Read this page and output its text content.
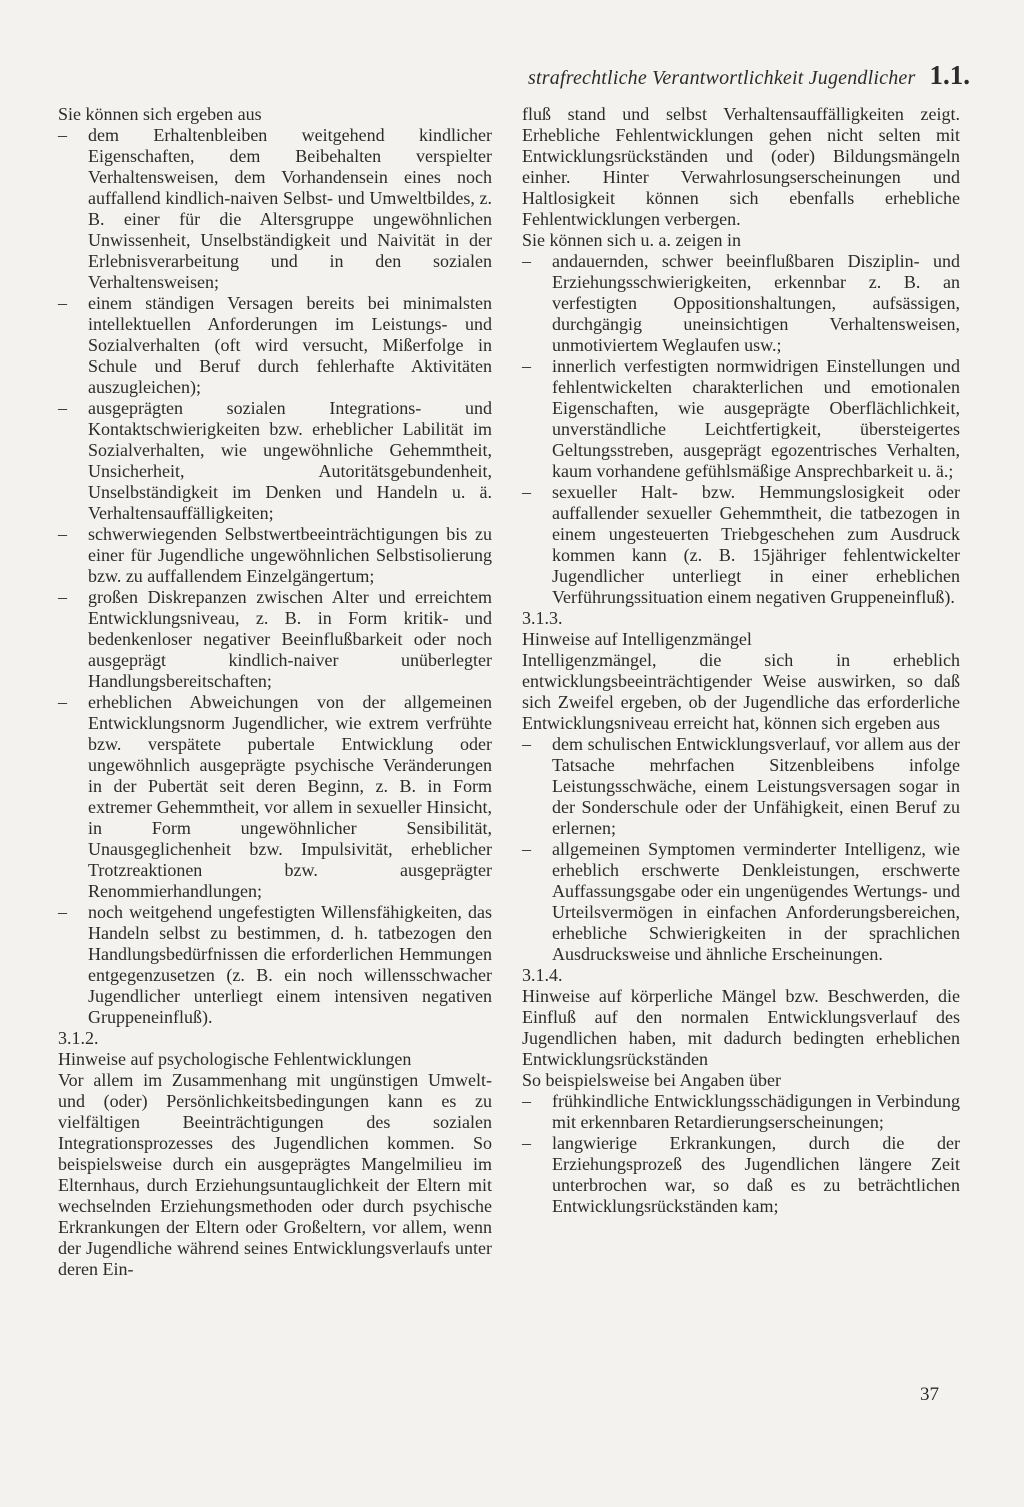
strafrechtliche Verantwortlichkeit Jugendlicher 1.1.

Sie können sich ergeben aus

–	dem Erhaltenbleiben weitgehend kindlicher Eigenschaften, dem Beibehalten verspielter Verhaltensweisen, dem Vorhandensein eines noch auffallend kindlich-naiven Selbst- und Umweltbildes, z. B. einer für die Altersgruppe ungewöhnlichen Unwissenheit, Unselbständigkeit und Naivität in der Erlebnisverarbeitung und in den sozialen Verhaltensweisen;
–	einem ständigen Versagen bereits bei minimalsten intellektuellen Anforderungen im Leistungs- und Sozialverhalten (oft wird versucht, Mißerfolge in Schule und Beruf durch fehlerhafte Aktivitäten auszugleichen);
–	ausgeprägten sozialen Integrations- und Kontaktschwierigkeiten bzw. erheblicher Labilität im Sozialverhalten, wie ungewöhnliche Gehemmtheit, Unsicherheit, Autoritätsgebundenheit, Unselbständigkeit im Denken und Handeln u. ä. Verhaltensauffälligkeiten;
–	schwerwiegenden Selbstwertbeeinträchtigungen bis zu einer für Jugendliche ungewöhnlichen Selbstisolierung bzw. zu auffallendem Einzelgängertum;
–	großen Diskrepanzen zwischen Alter und erreichtem Entwicklungsniveau, z. B. in Form kritik- und bedenkenloser negativer Beeinflußbarkeit oder noch ausgeprägt kindlich-naiver unüberlegter Handlungsbereitschaften;
–	erheblichen Abweichungen von der allgemeinen Entwicklungsnorm Jugendlicher, wie extrem verfrühte bzw. verspätete pubertale Entwicklung oder ungewöhnlich ausgeprägte psychische Veränderungen in der Pubertät seit deren Beginn, z. B. in Form extremer Gehemmtheit, vor allem in sexueller Hinsicht, in Form ungewöhnlicher Sensibilität, Unausgeglichenheit bzw. Impulsivität, erheblicher Trotzreaktionen bzw. ausgeprägter Renommierhandlungen;
–	noch weitgehend ungefestigten Willensfähigkeiten, das Handeln selbst zu bestimmen, d. h. tatbezogen den Handlungsbedürfnissen die erforderlichen Hemmungen entgegenzusetzen (z. B. ein noch willensschwacher Jugendlicher unterliegt einem intensiven negativen Gruppeneinfluß).

3.1.2.

Hinweise auf psychologische Fehlentwicklungen

Vor allem im Zusammenhang mit ungünstigen Umwelt- und (oder) Persönlichkeitsbedingungen kann es zu vielfältigen Beeinträchtigungen des sozialen Integrationsprozesses des Jugendlichen kommen. So beispielsweise durch ein ausgeprägtes Mangelmilieu im Elternhaus, durch Erziehungsuntauglichkeit der Eltern mit wechselnden Erziehungsmethoden oder durch psychische Erkrankungen der Eltern oder Großeltern, vor allem, wenn der Jugendliche während seines Entwicklungsverlaufs unter deren Ein-

fluß stand und selbst Verhaltensauffälligkeiten zeigt. Erhebliche Fehlentwicklungen gehen nicht selten mit Entwicklungsrückständen und (oder) Bildungsmängeln einher. Hinter Verwahrlosungserscheinungen und Haltlosigkeit können sich ebenfalls erhebliche Fehlentwicklungen verbergen.

Sie können sich u. a. zeigen in

–	andauernden, schwer beeinflußbaren Disziplin- und Erziehungsschwierigkeiten, erkennbar z. B. an verfestigten Oppositionshaltungen, aufsässigen, durchgängig uneinsichtigen Verhaltensweisen, unmotiviertem Weglaufen usw.;
–	innerlich verfestigten normwidrigen Einstellungen und fehlentwickelten charakterlichen und emotionalen Eigenschaften, wie ausgeprägte Oberflächlichkeit, unverständliche Leichtfertigkeit, übersteigertes Geltungsstreben, ausgeprägt egozentrisches Verhalten, kaum vorhandene gefühlsmäßige Ansprechbarkeit u. ä.;
–	sexueller Halt- bzw. Hemmungslosigkeit oder auffallender sexueller Gehemmtheit, die tatbezogen in einem ungesteuerten Triebgeschehen zum Ausdruck kommen kann (z. B. 15jähriger fehlentwickelter Jugendlicher unterliegt in einer erheblichen Verführungssituation einem negativen Gruppeneinfluß).

3.1.3.

Hinweise auf Intelligenzmängel

Intelligenzmängel, die sich in erheblich entwicklungsbeeinträchtigender Weise auswirken, so daß sich Zweifel ergeben, ob der Jugendliche das erforderliche Entwicklungsniveau erreicht hat, können sich ergeben aus

–	dem schulischen Entwicklungsverlauf, vor allem aus der Tatsache mehrfachen Sitzenbleibens infolge Leistungsschwäche, einem Leistungsversagen sogar in der Sonderschule oder der Unfähigkeit, einen Beruf zu erlernen;
–	allgemeinen Symptomen verminderter Intelligenz, wie erheblich erschwerte Denkleistungen, erschwerte Auffassungsgabe oder ein ungenügendes Wertungs- und Urteilsvermögen in einfachen Anforderungsbereichen, erhebliche Schwierigkeiten in der sprachlichen Ausdrucksweise und ähnliche Erscheinungen.

3.1.4.

Hinweise auf körperliche Mängel bzw. Beschwerden, die Einfluß auf den normalen Entwicklungsverlauf des Jugendlichen haben, mit dadurch bedingten erheblichen Entwicklungsrückständen

So beispielsweise bei Angaben über

–	frühkindliche Entwicklungsschädigungen in Verbindung mit erkennbaren Retardierungserscheinungen;
–	langwierige Erkrankungen, durch die der Erziehungsprozeß des Jugendlichen längere Zeit unterbrochen war, so daß es zu beträchtlichen Entwicklungsrückständen kam;
37
